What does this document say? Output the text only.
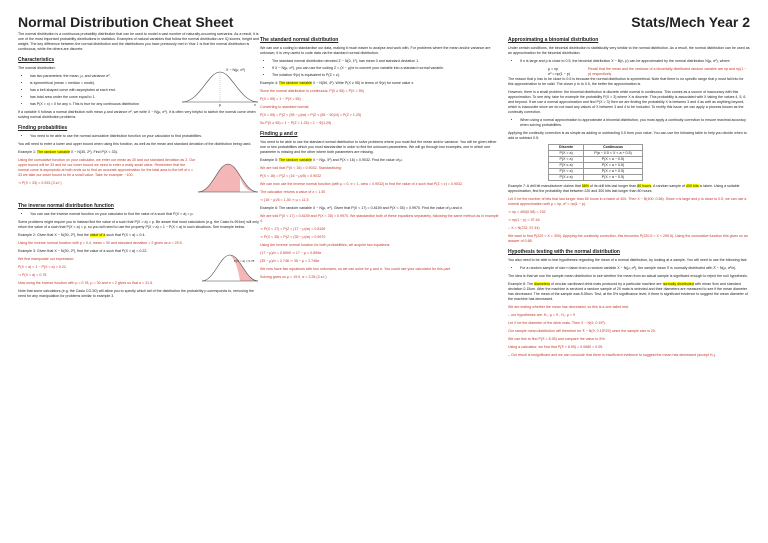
Normal Distribution Cheat Sheet	Stats/Mech Year 2
The normal distribution is a continuous probability distribution that can be used to model a vast number of naturally-occurring scenarios. As a result, it is one of the most important probability distributions in statistics. Examples of natural variables that follow the normal distribution are IQ scores, height and weight. The key difference between the normal distribution and the distributions you have previously met in Year 1 is that the normal distribution is continuous, while the others are discrete.
Characteristics
The normal distribution:
• has two parameters: the mean, μ, and variance σ².
• is symmetrical (mean = median = mode).
• has a bell-shaped curve with asymptotes at each end.
• has total area under the curve equal to 1.
• has P(X = x) = 0 for any x. This is true for any continuous distribution
X ~ N(μ, σ²)
μ	x
If a variable X follows a normal distribution with mean μ and variance σ², we write X ~ N(μ, σ²). It is often very helpful to sketch the normal curve when solving normal distribution problems.
Finding probabilities
• You need to be able to use the normal cumulative distribution function on your calculator to find probabilities.
You will need to enter a lower and upper bound when using this function, as well as the mean and standard deviation of the distribution being used.
Example 1: The random variable X ~ N(30, 2²). Find P(X < 33).
Using the cumulative function on your calculator, we enter our mean as 30 and our standard deviation as 2. Our upper bound will be 33 and for our lower bound we need to enter a really small value. Remember that the normal curve is asymptotic at both ends so to find an accurate approximation for the total area to the left of x = 33 we take our lower bound to be a small value. Take for example: −100.
⇒ P(X < 33) = 0.933 (3 s.f.)
The inverse normal distribution function
• You can use the inverse normal function on your calculator to find the value of a such that P(X < a) = p.
Some problems might require you to instead find the value of a such that P(X > a) = p. Be aware that most calculators (e.g. the Casio fx-991ex) will only return the value of a such that P(X < a) = p, so you will need to use the property P(X > a) = 1 − P(X < a) in such situations. See example below.
Example 2: Given that X ~ N(30, 2²), find the value of a such that P(X < a) = 0.4.
Using the inverse normal function with p = 0.4, mean = 30 and standard deviation = 2 gives us a = 29.5.
Example 3: Given that X ~ N(30, 2²), find the value of a such that P(X > a) = 0.22.
We first manipulate our expression:
P(X > a) = 1 − P(X < a) = 0.22
⇒ P(X < a) = 0.78
Now using the inverse function with p = 0.78, μ = 30 and σ = 2 gives us that a = 31.5.
P(X < a) = 0.78
Note that some calculators (e.g. the Casio CG-50) will allow you to specify which tail of the distribution the probability p corresponds to, removing the need for any manipulation for problems similar to example 3.
The standard normal distribution
We can use a coding to standardise our data, making it much easier to analyse and work with. For problems where the mean and/or variance are unknown, it is very useful to code data via the standard normal distribution.
• The standard normal distribution denoted Z ~ N(0, 1²), has mean 0 and standard deviation 1.
• If X ~ N(μ, σ²), you can use the coding Z = (X − μ)/σ to convert your variable into a standard normal variable.
• The notation Φ(z) is equivalent to P(Z < z).
Example 4: The random variable X ~ N(50, 4²). Write P(X ≥ 55) in terms of Φ(z) for some value z.
Since the normal distribution is continuous: P(X ≥ 55) = P(X > 55)
P(X > 55) = 1 − P(X < 55)
Converting to standard normal:
P(X < 55) = P(Z < (55 − μ)/σ) = P(Z < (55 − 50)/4) = P(Z < 1.25)
So P(X ≥ 55) = 1 − P(Z < 1.25) = 1 − Φ(1.25)
Finding μ and σ
You need to be able to use the standard normal distribution to solve problems where you must find the mean and/or variance. You will be given either one or two probabilities which you must standardise in order to find the unknown parameters. We will go through two examples, one in which one parameter is missing and the other where both parameters are missing.
Example 5: The random variable X ~ N(μ, 5²) and P(X < 16) = 0.9032. Find the value of μ.
We are told that P(X < 16) = 0.9032. Standardising:
P(X < 16) = P(Z < (16 − μ)/5) = 0.9032
We can now use the inverse normal function (with μ = 0, σ = 1, area = 0.9032) to find the value of z such that P(Z < z) = 0.9032.
The calculator returns a value of z = 1.30
⇒ (16 − μ)/5 = 1.30 ⇒ μ = 11.5
Example 6: The random variable X ~ N(μ, σ²). Given that P(X < 17) = 0.8159 and P(X < 35) = 0.9970. Find the value of μ and σ.
We are told P(X < 17) = 0.8159 and P(X < 35) = 0.9970. We standardise both of these equations separately, following the same method as in example 4.
⇒ P(X < 17) = P(Z < (17 − μ)/σ) = 0.8159
⇒ P(X < 35) = P(Z < (35 − μ)/σ) = 0.9970
Using the inverse normal function for both probabilities, we acquire two equations:
(17 − μ)/σ = 0.8990 ⇒ 17 − μ = 0.899σ
(35 − μ)/σ = 2.748 ⇒ 35 − μ = 2.748σ
We now have two equations with two unknowns, so we can solve for μ and σ. You could use your calculator for this part.
Solving gives us μ = 19.0, σ = 2.28 (3 s.f.)
Approximating a binomial distribution
Under certain conditions, the binomial distribution is statistically very similar to the normal distribution. As a result, the normal distribution can be used as an approximation for the binomial distribution.
• If n is large and p is close to 0.5, the binomial distribution X ~ B(n, p) can be approximated by the normal distribution N(μ, σ²), where:
μ = np
σ² = np(1 − p)
Recall that the mean and the variance of a binomially distributed random variable are np and np(1 − p) respectively.
The reason that p has to be close to 0.5 is because the normal distribution is symmetrical. Note that there is no specific range that p must fall into for this approximation to be valid. The closer p is to 0.5, the better the approximation is.
However, there is a small problem: the binomial distribution is discrete while normal is continuous. This comes as a source of inaccuracy with this approximation. To see why, take for example the probability P(X > 3) where X is discrete. This probability is associated with X taking the values 4, 5, 6 and beyond. If we use a normal approximation and find P(X > 3) then we are finding the probability X is between 3 and 4 as well as anything beyond, which is inaccurate since we do not want any values of X between 3 and 4 to be included. To rectify this issue, we can apply a process known as the continuity correction.
• When using a normal approximation to approximate a binomial distribution, you must apply a continuity correction to ensure maximal accuracy when solving probabilities.
Applying the continuity correction is as simple as adding or subtracting 0.5 from your value. You can use the following table to help you decide when to add or subtract 0.5:
Discrete	Continuous
P(X = a)	P(a − 0.5 < X < a + 0.5)
P(X < a)	P(X < a − 0.5)
P(X ≤ a)	P(X < a + 0.5)
P(X > a)	P(X > a + 0.5)
P(X ≥ a)	P(X > a − 0.5)
Example 7: A drill bit manufacturer claims that 58% of its drill bits last longer than 80 hours. A random sample of 400 bits is taken. Using a suitable approximation, find the probability that between 220 and 300 bits last longer than 80 hours.
Let X be the number of bits that last longer than 80 hours in a batch of 400. Then X ~ B(400, 0.58). Since n is large and p is close to 0.5, we can use a normal approximation with μ = np, σ² = np(1 − p).
⇒ np = 400(0.58) = 232
⇒ np(1 − p) = 97.44
∴ X ≈ N(232, 97.44)
We want to find P(220 < X < 300). Applying the continuity correction, this becomes P(220.5 < X < 299.5). Using the cumulative function this gives us an answer of 0.88.
Hypothesis testing with the normal distribution
You also need to be able to test hypotheses regarding the mean of a normal distribution, by looking at a sample. You will need to use the following fact:
• For a random sample of size n taken from a random variable X ~ N(μ, σ²), the sample mean X̄ is normally distributed with X̄ ~ N(μ, σ²/n).
The idea is that we use the sample mean distribution to see whether the mean from an actual sample is significant enough to reject the null hypothesis.
Example 8: The diameters of circular cardboard drink mats produced by a particular machine are normally distributed with mean 9cm and standard deviation 0.15cm. After the machine is serviced a random sample of 20 mats is selected and their diameters are measured to see if the mean diameter has decreased. The mean of the sample was 8.95cm. Test, at the 5% significance level, if there is significant evidence to suggest the mean diameter of the machine has decreased.
We are testing whether the mean has decreased, so this is a one-tailed test.
– our hypotheses are: H₀: μ = 9 , H₁: μ < 9
Let X be the diameter of the drink mats. Then X ~ N(9, 0.15²).
Our sample mean distribution will therefore be X̄ ~ N(9, 0.15²/20) since the sample size is 20.
We use this to find P(X̄ < 8.95) and compare the value to 5%:
Using a calculator, we find that P(X̄ < 8.95) = 0.0680 > 0.05.
– Our result is insignificant and we can conclude that there is insufficient evidence to suggest the mean has decreased (accept H₀).
